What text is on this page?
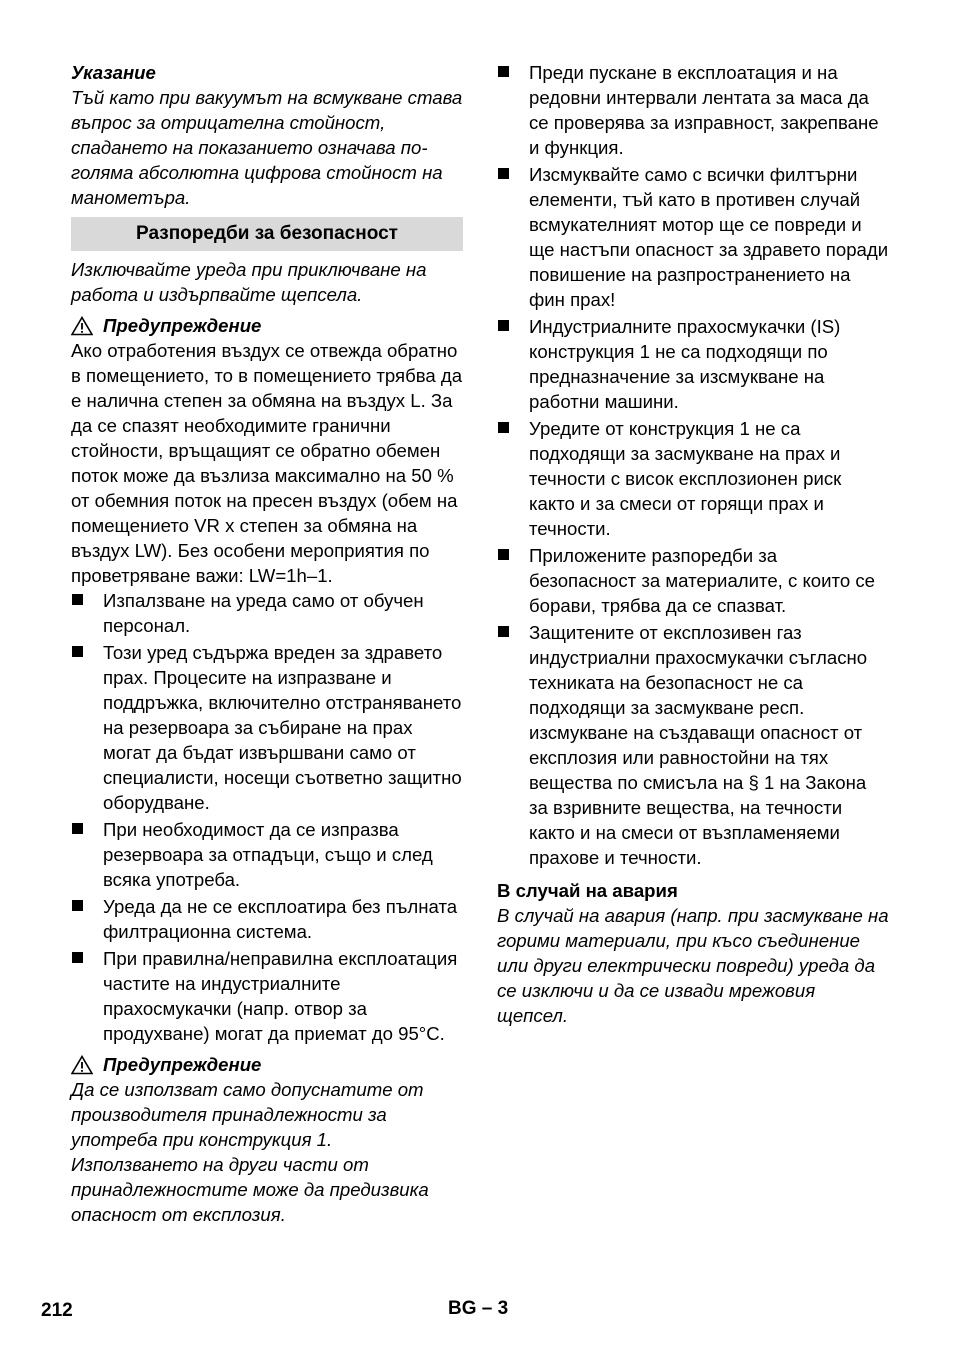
Указание

Тъй като при вакуумът на всмукване става въпрос за отрицателна стойност, спадането на показанието означава по-голяма абсолютна цифрова стойност на манометъра.

Разпоредби за безопасност

Изключвайте уреда при приключване на работа и издърпвайте щепсела.

Предупреждение

Ако отработения въздух се отвежда обратно в помещението, то в помещението трябва да е налична степен за обмяна на въздух L. За да се спазят необходимите гранични стойности, връщащият се обратно обемен поток може да възлиза максимално на 50 % от обемния поток на пресен въздух (обем на помещението VR х степен за обмяна на въздух LW). Без особени мероприятия по проветряване важи: LW=1h–1.

Изпалзване на уреда само от обучен персонал.
Този уред съдържа вреден за здравето прах. Процесите на изпразване и поддръжка, включително отстраняването на резервоара за събиране на прах могат да бъдат извършвани само от специалисти, носещи съответно защитно оборудване.
При необходимост да се изпразва резервоара за отпадъци, също и след всяка употреба.
Уреда да не се експлоатира без пълната филтрационна система.
При правилна/неправилна експлоатация частите на индустриалните прахосмукачки (напр. отвор за продухване) могат да приемат до 95°C.
Предупреждение

Да се използват само допуснатите от производителя принадлежности за употреба при конструкция 1. Използването на други части от принадлежностите може да предизвика опасност от експлозия.

Преди пускане в експлоатация и на редовни интервали лентата за маса да се проверява за изправност, закрепване и функция.
Изсмуквайте само с всички филтърни елементи, тъй като в противен случай всмукателният мотор ще се повреди и ще настъпи опасност за здравето поради повишение на разпространението на фин прах!
Индустриалните прахосмукачки (IS) конструкция 1 не са подходящи по предназначение за изсмукване на работни машини.
Уредите от конструкция 1 не са подходящи за засмукване на прах и течности с висок експлозионен риск както и за смеси от горящи прах и течности.
Приложените разпоредби за безопасност за материалите, с които се борави, трябва да се спазват.
Защитените от експлозивен газ индустриални прахосмукачки съгласно техниката на безопасност не са подходящи за засмукване респ. изсмукване на създаващи опасност от експлозия или равностойни на тях вещества по смисъла на § 1 на Закона за взривните вещества, на течности както и на смеси от възпламеняеми прахове и течности.

В случай на авария

В случай на авария (напр. при засмукване на горими материали, при късо съединение или други електрически повреди) уреда да се изключи и да се извади мрежовия щепсел.

212	BG – 3
